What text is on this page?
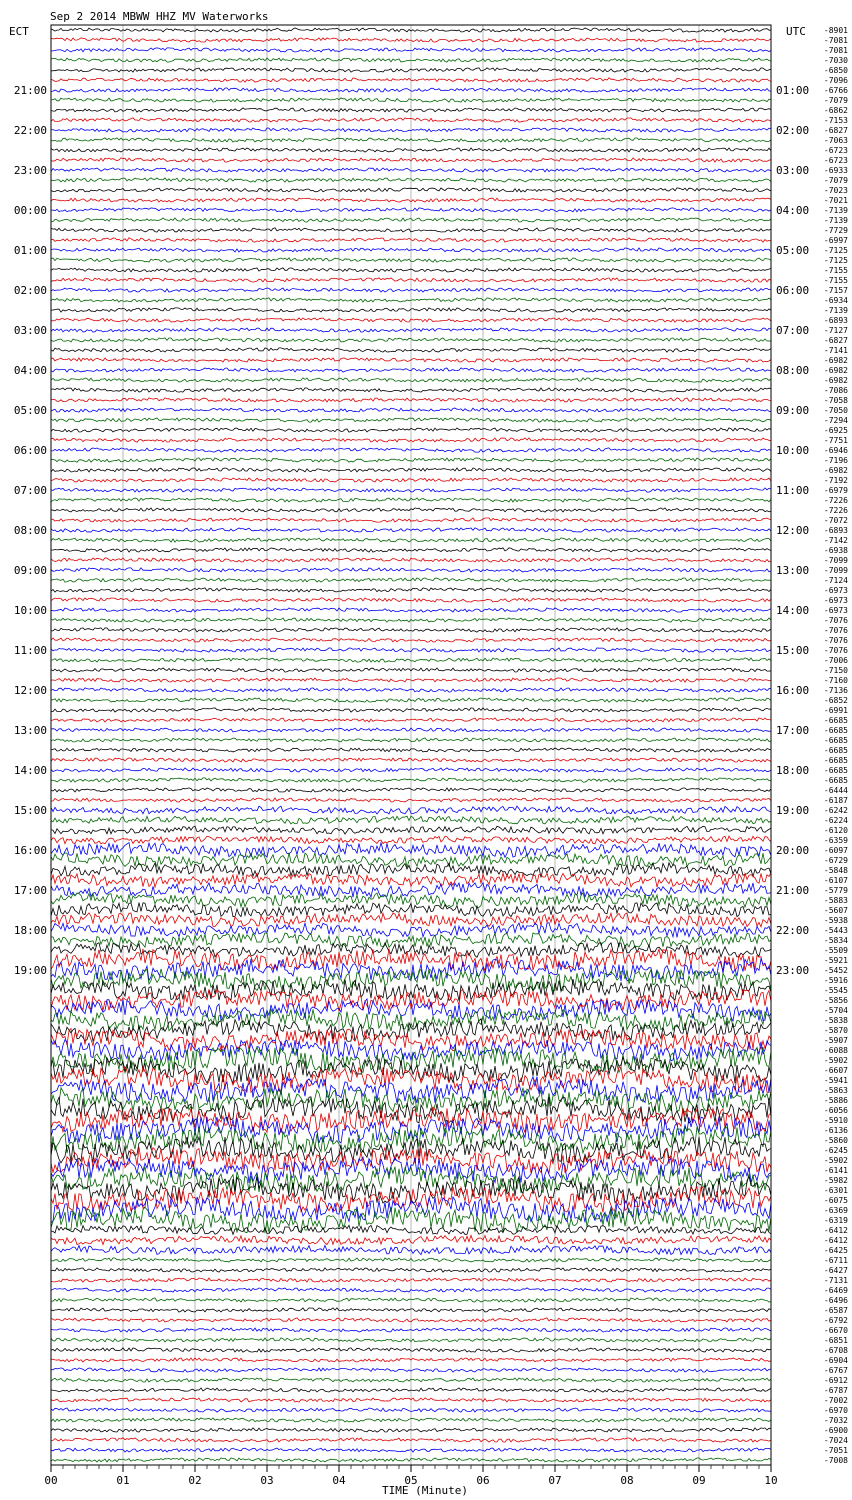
Sep 2 2014 MBWW HHZ MV Waterworks
ECT	UTC
21:00	01:00
22:00	02:00
23:00	03:00
00:00	04:00
01:00	05:00
02:00	06:00
03:00	07:00
04:00	08:00
05:00	09:00
06:00	10:00
07:00	11:00
08:00	12:00
09:00	13:00
10:00	14:00
11:00	15:00
12:00	16:00
13:00	17:00
14:00	18:00
15:00	19:00
16:00	20:00
17:00	21:00
18:00	22:00
19:00	23:00
-8901
-7081
-7081
-7030
-6850
-7096
-6766
-7079
-6862
-7153
-6827
-7063
-6723
-6723
-6933
-7079
-7023
-7021
-7139
-7139
-7729
-6997
-7125
-7125
-7155
-7155
-7157
-6934
-7139
-6893
-7127
-6827
-7141
-6982
-6982
-6982
-7086
-7058
-7050
-7294
-6925
-7751
-6946
-7196
-6982
-7192
-6979
-7226
-7226
-7072
-6893
-7142
-6938
-7099
-7099
-7124
-6973
-6973
-6973
-7076
-7076
-7076
-7076
-7006
-7150
-7160
-7136
-6852
-6991
-6685
-6685
-6685
-6685
-6685
-6685
-6685
-6444
-6187
-6242
-6224
-6120
-6359
-6097
-6729
-5848
-6107
-5779
-5883
-5607
-5938
-5443
-5834
-5509
-5921
-5452
-5916
-5545
-5856
-5704
-5838
-5870
-5907
-6088
-5902
-6607
-5941
-5863
-5886
-6056
-5910
-6136
-5860
-6245
-5902
-6141
-5982
-6301
-6075
-6369
-6319
-6412
-6412
-6425
-6711
-6427
-7131
-6469
-6496
-6587
-6792
-6670
-6851
-6708
-6904
-6767
-6912
-6787
-7002
-6970
-7032
-6900
-7024
-7051
-7008
00	01	02	03	04	05	06	07	08	09	10
TIME (Minute)
